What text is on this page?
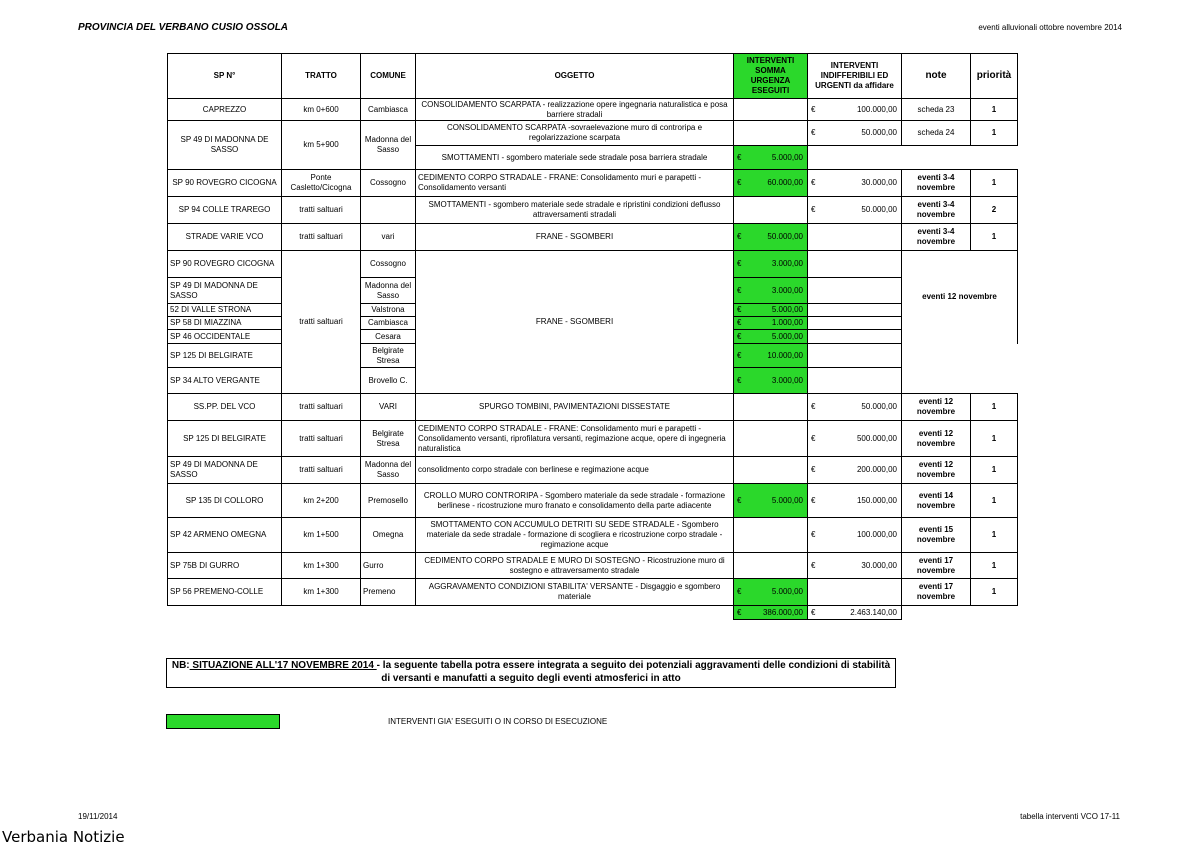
PROVINCIA DEL VERBANO CUSIO OSSOLA	eventi alluvionali ottobre novembre 2014
SP N°	TRATTO	COMUNE	OGGETTO	INTERVENTI SOMMA URGENZA ESEGUITI	INTERVENTI INDIFFERIBILI ED URGENTI da affidare	note	priorità
CAPREZZO	km 0+600	Cambiasca	CONSOLIDAMENTO SCARPATA - realizzazione opere ingegnaria naturalistica e posa barriere stradali		€ 100.000,00	scheda 23	1
SP 49 DI MADONNA DE SASSO	km 5+900	Madonna del Sasso	CONSOLIDAMENTO SCARPATA -sovraelevazione muro di controripa e regolarizzazione scarpata		€ 50.000,00	scheda 24	1
			SMOTTAMENTI - sgombero materiale sede stradale posa barriera stradale	€ 5.000,00			

SP 90 ROVEGRO CICOGNA	Ponte Casletto/Cicogna	Cossogno	CEDIMENTO CORPO STRADALE - FRANE: Consolidamento muri e parapetti - Consolidamento versanti	€ 60.000,00	€ 30.000,00	eventi 3-4 novembre	1
SP 94 COLLE TRAREGO	tratti saltuari		SMOTTAMENTI - sgombero materiale sede stradale e ripristini condizioni deflusso attraversamenti stradali		€ 50.000,00	eventi 3-4 novembre	2
STRADE VARIE VCO	tratti saltuari	vari	FRANE - SGOMBERI	€ 50.000,00		eventi 3-4 novembre	1
SP 90 ROVEGRO CICOGNA	tratti saltuari	Cossogno	FRANE - SGOMBERI	€ 3.000,00		eventi 12 novembre	
SP 49 DI MADONNA DE SASSO		Madonna del Sasso		€ 3.000,00			

52 DI VALLE STRONA		Valstrona		€ 5.000,00			

SP 58 DI MIAZZINA		Cambiasca		€ 1.000,00			

SP 46 OCCIDENTALE		Cesara		€ 5.000,00			

SP 125 DI BELGIRATE		Belgirate Stresa		€ 10.000,00			

SP 34 ALTO VERGANTE		Brovello C.		€ 3.000,00			

SS.PP. DEL VCO	tratti saltuari	VARI	SPURGO TOMBINI, PAVIMENTAZIONI DISSESTATE		€ 50.000,00	eventi 12 novembre	1
SP 125 DI BELGIRATE	tratti saltuari	Belgirate Stresa	CEDIMENTO CORPO STRADALE - FRANE: Consolidamento muri e parapetti - Consolidamento versanti, riprofilatura versanti, regimazione acque, opere di ingegneria naturalistica		€ 500.000,00	eventi 12 novembre	1
SP 49 DI MADONNA DE SASSO	tratti saltuari	Madonna del Sasso	consolidmento corpo stradale con berlinese e regimazione acque		€ 200.000,00	eventi 12 novembre	1
SP 135 DI COLLORO	km 2+200	Premosello	CROLLO MURO CONTRORIPA - Sgombero materiale da sede stradale - formazione berlinese - ricostruzione muro franato e consolidamento della parte adiacente	€ 5.000,00	€ 150.000,00	eventi 14 novembre	1
SP 42 ARMENO OMEGNA	km 1+500	Omegna	SMOTTAMENTO CON ACCUMULO DETRITI SU SEDE STRADALE - Sgombero materiale da sede stradale - formazione di scogliera e ricostruzione corpo stradale - regimazione acque		€ 100.000,00	eventi 15 novembre	1
SP 75B DI GURRO	km 1+300	Gurro	CEDIMENTO CORPO STRADALE E MURO DI SOSTEGNO - Ricostruzione muro di sostegno e attraversamento stradale		€ 30.000,00	eventi 17 novembre	1
SP 56 PREMENO-COLLE	km 1+300	Premeno	AGGRAVAMENTO CONDIZIONI STABILITA' VERSANTE - Disgaggio e sgombero materiale	€ 5.000,00		eventi 17 novembre	1

				€ 386.000,00	€ 2.463.140,00		

NB: SITUAZIONE ALL'17 NOVEMBRE 2014 - la seguente tabella potra essere integrata a seguito dei potenziali aggravamenti delle condizioni di stabilità di versanti e manufatti a seguito degli eventi atmosferici in atto
INTERVENTI GIA' ESEGUITI O IN CORSO DI ESECUZIONE
19/11/2014	tabella interventi VCO 17-11
Verbania Notizie
